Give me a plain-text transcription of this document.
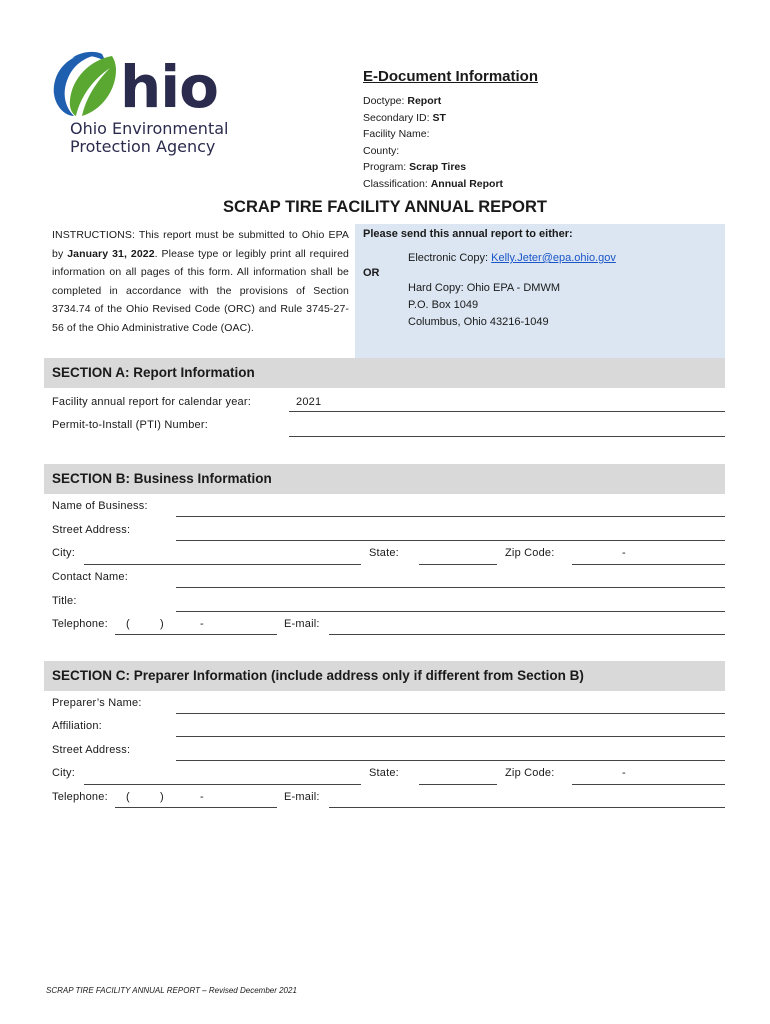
hio
Ohio Environmental
Protection Agency
E-Document Information
Doctype: Report
Secondary ID: ST
Facility Name:
County:
Program: Scrap Tires
Classification: Annual Report
SCRAP TIRE FACILITY ANNUAL REPORT
INSTRUCTIONS: This report must be submitted to Ohio EPA by January 31, 2022. Please type or legibly print all required information on all pages of this form. All information shall be completed in accordance with the provisions of Section 3734.74 of the Ohio Revised Code (ORC) and Rule 3745-27-56 of the Ohio Administrative Code (OAC).
Please send this annual report to either:
Electronic Copy: Kelly.Jeter@epa.ohio.gov
OR
Hard Copy: Ohio EPA - DMWM
P.O. Box 1049
Columbus, Ohio 43216-1049
SECTION A: Report Information
Facility annual report for calendar year:	2021
Permit-to-Install (PTI) Number:
SECTION B: Business Information
Name of Business:
Street Address:
City:	State:	Zip Code:	-
Contact Name:
Title:
Telephone: (	)	-	E-mail:
SECTION C: Preparer Information (include address only if different from Section B)
Preparer’s Name:
Affiliation:
Street Address:
City:	State:	Zip Code:	-
Telephone: (	)	-	E-mail:
SCRAP TIRE FACILITY ANNUAL REPORT – Revised December 2021
